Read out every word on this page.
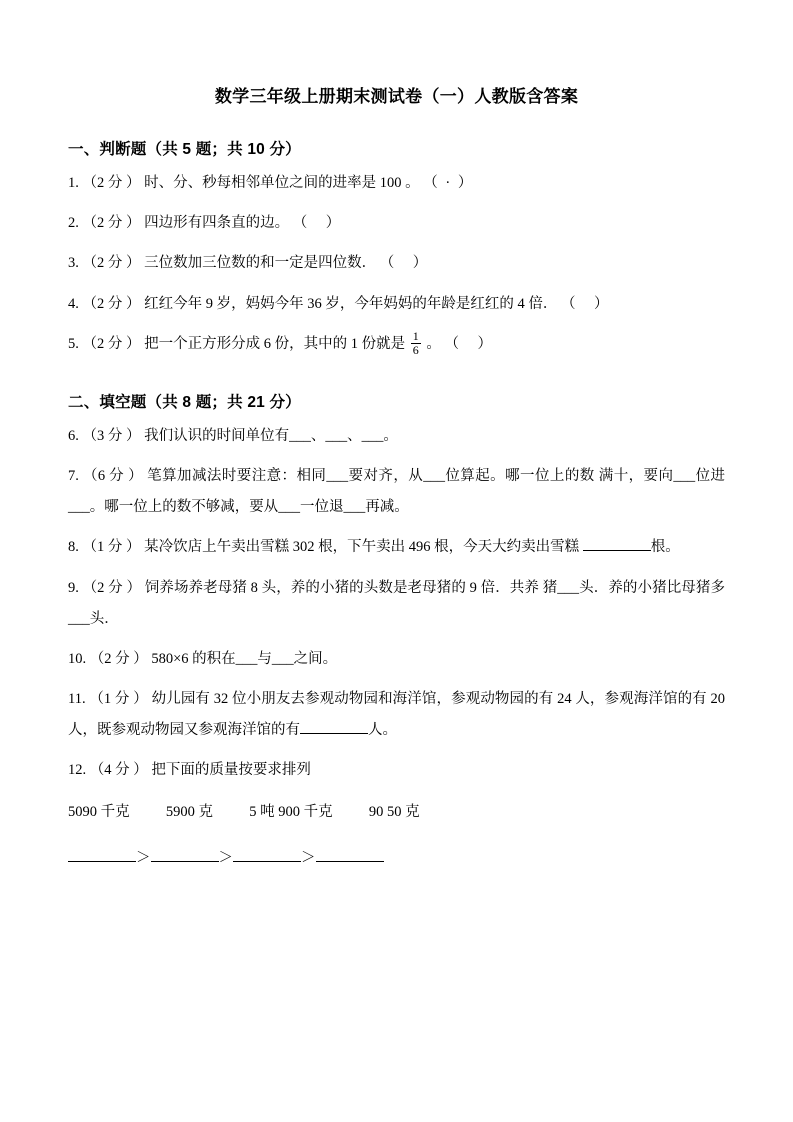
数学三年级上册期末测试卷（一）人教版含答案
一、判断题（共 5 题；共 10 分）
1. （2 分 ） 时、分、秒每相邻单位之间的进率是 100 。 （ · ）
2. （2 分 ） 四边形有四条直的边。 （　）
3. （2 分 ） 三位数加三位数的和一定是四位数． （　）
4. （2 分 ） 红红今年 9 岁，妈妈今年 36 岁，今年妈妈的年龄是红红的 4 倍． （　）
5. （2 分 ） 把一个正方形分成 6 份，其中的 1 份就是 $\frac{1}{6}$ 。 （　）
二、填空题（共 8 题；共 21 分）
6. （3 分 ） 我们认识的时间单位有___、___、___。
7. （6 分 ） 笔算加减法时要注意：相同___要对齐，从___位算起。哪一位上的数 满十，要向___位进___。哪一位上的数不够减，要从___一位退___再减。
8. （1 分 ） 某冷饮店上午卖出雪糕 302 根，下午卖出 496 根，今天大约卖出雪糕	根。
9. （2 分 ） 饲养场养老母猪 8 头，养的小猪的头数是老母猪的 9 倍．共养 猪___头．养的小猪比母猪多___头．
10. （2 分 ） 580×6 的积在___与___之间。
11. （1 分 ） 幼儿园有 32 位小朋友去参观动物园和海洋馆，参观动物园的有 24 人，参观海洋馆的有 20 人，既参观动物园又参观海洋馆的有	人。
12. （4 分 ） 把下面的质量按要求排列
5090 千克          5900 克          5 吨 900 千克          90 50 克
＞	＞	＞
